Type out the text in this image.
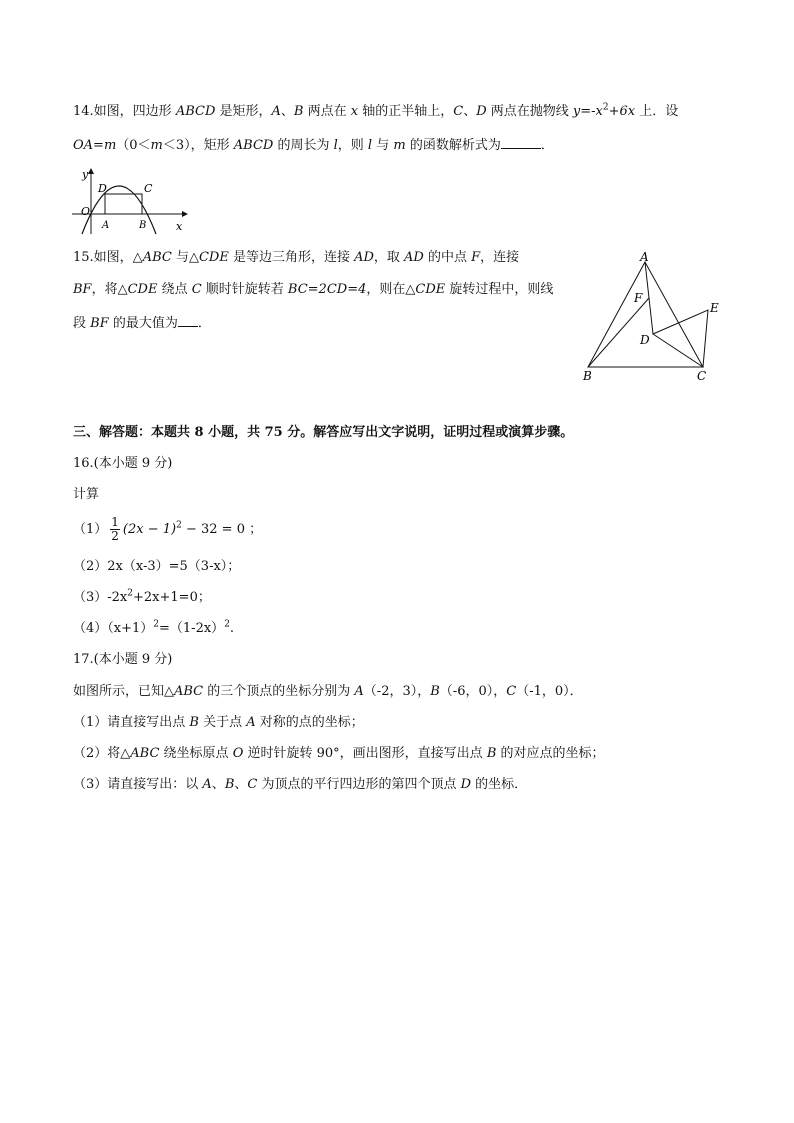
14.如图，四边形 ABCD 是矩形，A、B 两点在 x 轴的正半轴上，C、D 两点在抛物线 $y=-x^2+6x$ 上．设
OA=m（0＜m＜3），矩形 ABCD 的周长为 l，则 l 与 m 的函数解析式为	．
y
x
O
D	C
A	B
15.如图，△ABC 与△CDE 是等边三角形，连接 AD，取 AD 的中点 F，连接
BF，将△CDE 绕点 C 顺时针旋转若 BC=2CD=4，则在△CDE 旋转过程中，则线
段 BF 的最大值为 ．
A
F
D
E
B	C
三、解答题：本题共 8 小题，共 75 分。解答应写出文字说明，证明过程或演算步骤。
16.(本小题 9 分)
计算
$(1) \frac{1}{2} (2x - 1)^2 - 32 = 0$ ；
（2）2x（x-3）=5（3-x）；
$(3)-2x^2+2x+1=0$；
$(4)(x+1)^2=(1-2x)^2$.
17.(本小题 9 分)
如图所示，已知△ABC 的三个顶点的坐标分别为 A（-2，3），B（-6，0），C（-1，0）．
（1）请直接写出点 B 关于点 A 对称的点的坐标；
（2）将△ABC 绕坐标原点 O 逆时针旋转 90°，画出图形，直接写出点 B 的对应点的坐标；
（3）请直接写出：以 A、B、C 为顶点的平行四边形的第四个顶点 D 的坐标．
